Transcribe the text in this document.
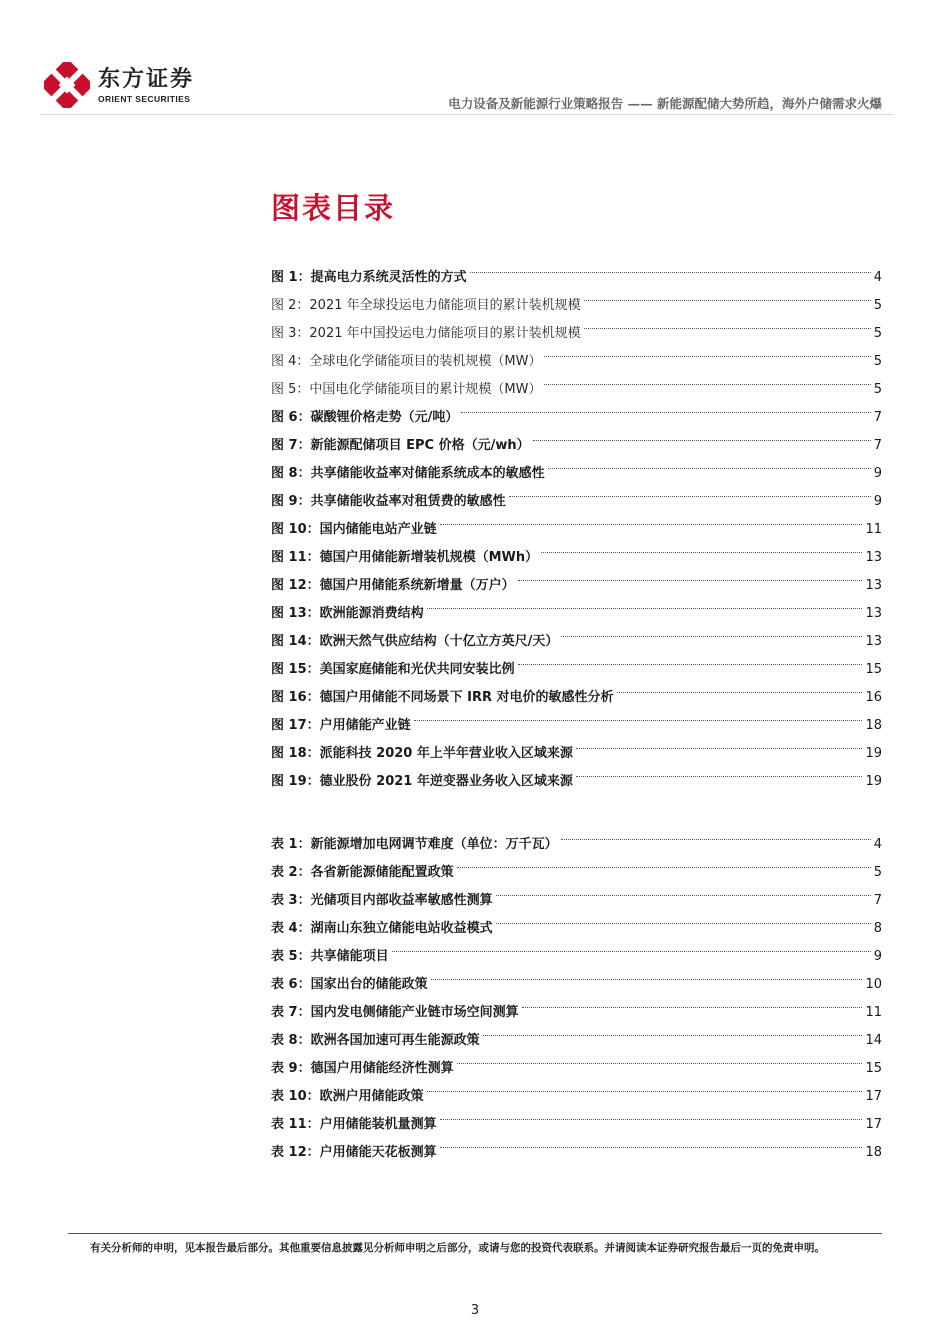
东方证券
ORIENT SECURITIES	电力设备及新能源行业策略报告 —— 新能源配储大势所趋，海外户储需求火爆
图表目录
图 1：提高电力系统灵活性的方式	4
图 2：2021 年全球投运电力储能项目的累计装机规模	5
图 3：2021 年中国投运电力储能项目的累计装机规模	5
图 4：全球电化学储能项目的装机规模（MW）	5
图 5：中国电化学储能项目的累计规模（MW）	5
图 6：碳酸锂价格走势（元/吨）	7
图 7：新能源配储项目 EPC 价格（元/wh）	7
图 8：共享储能收益率对储能系统成本的敏感性	9
图 9：共享储能收益率对租赁费的敏感性	9
图 10：国内储能电站产业链	11
图 11：德国户用储能新增装机规模（MWh）	13
图 12：德国户用储能系统新增量（万户）	13
图 13：欧洲能源消费结构	13
图 14：欧洲天然气供应结构（十亿立方英尺/天）	13
图 15：美国家庭储能和光伏共同安装比例	15
图 16：德国户用储能不同场景下 IRR 对电价的敏感性分析	16
图 17：户用储能产业链	18
图 18：派能科技 2020 年上半年营业收入区域来源	19
图 19：德业股份 2021 年逆变器业务收入区域来源	19
表 1：新能源增加电网调节难度（单位：万千瓦）	4
表 2：各省新能源储能配置政策	5
表 3：光储项目内部收益率敏感性测算	7
表 4：湖南山东独立储能电站收益模式	8
表 5：共享储能项目	9
表 6：国家出台的储能政策	10
表 7：国内发电侧储能产业链市场空间测算	11
表 8：欧洲各国加速可再生能源政策	14
表 9：德国户用储能经济性测算	15
表 10：欧洲户用储能政策	17
表 11：户用储能装机量测算	17
表 12：户用储能天花板测算	18
有关分析师的申明，见本报告最后部分。其他重要信息披露见分析师申明之后部分，或请与您的投资代表联系。并请阅读本证券研究报告最后一页的免责申明。
3
